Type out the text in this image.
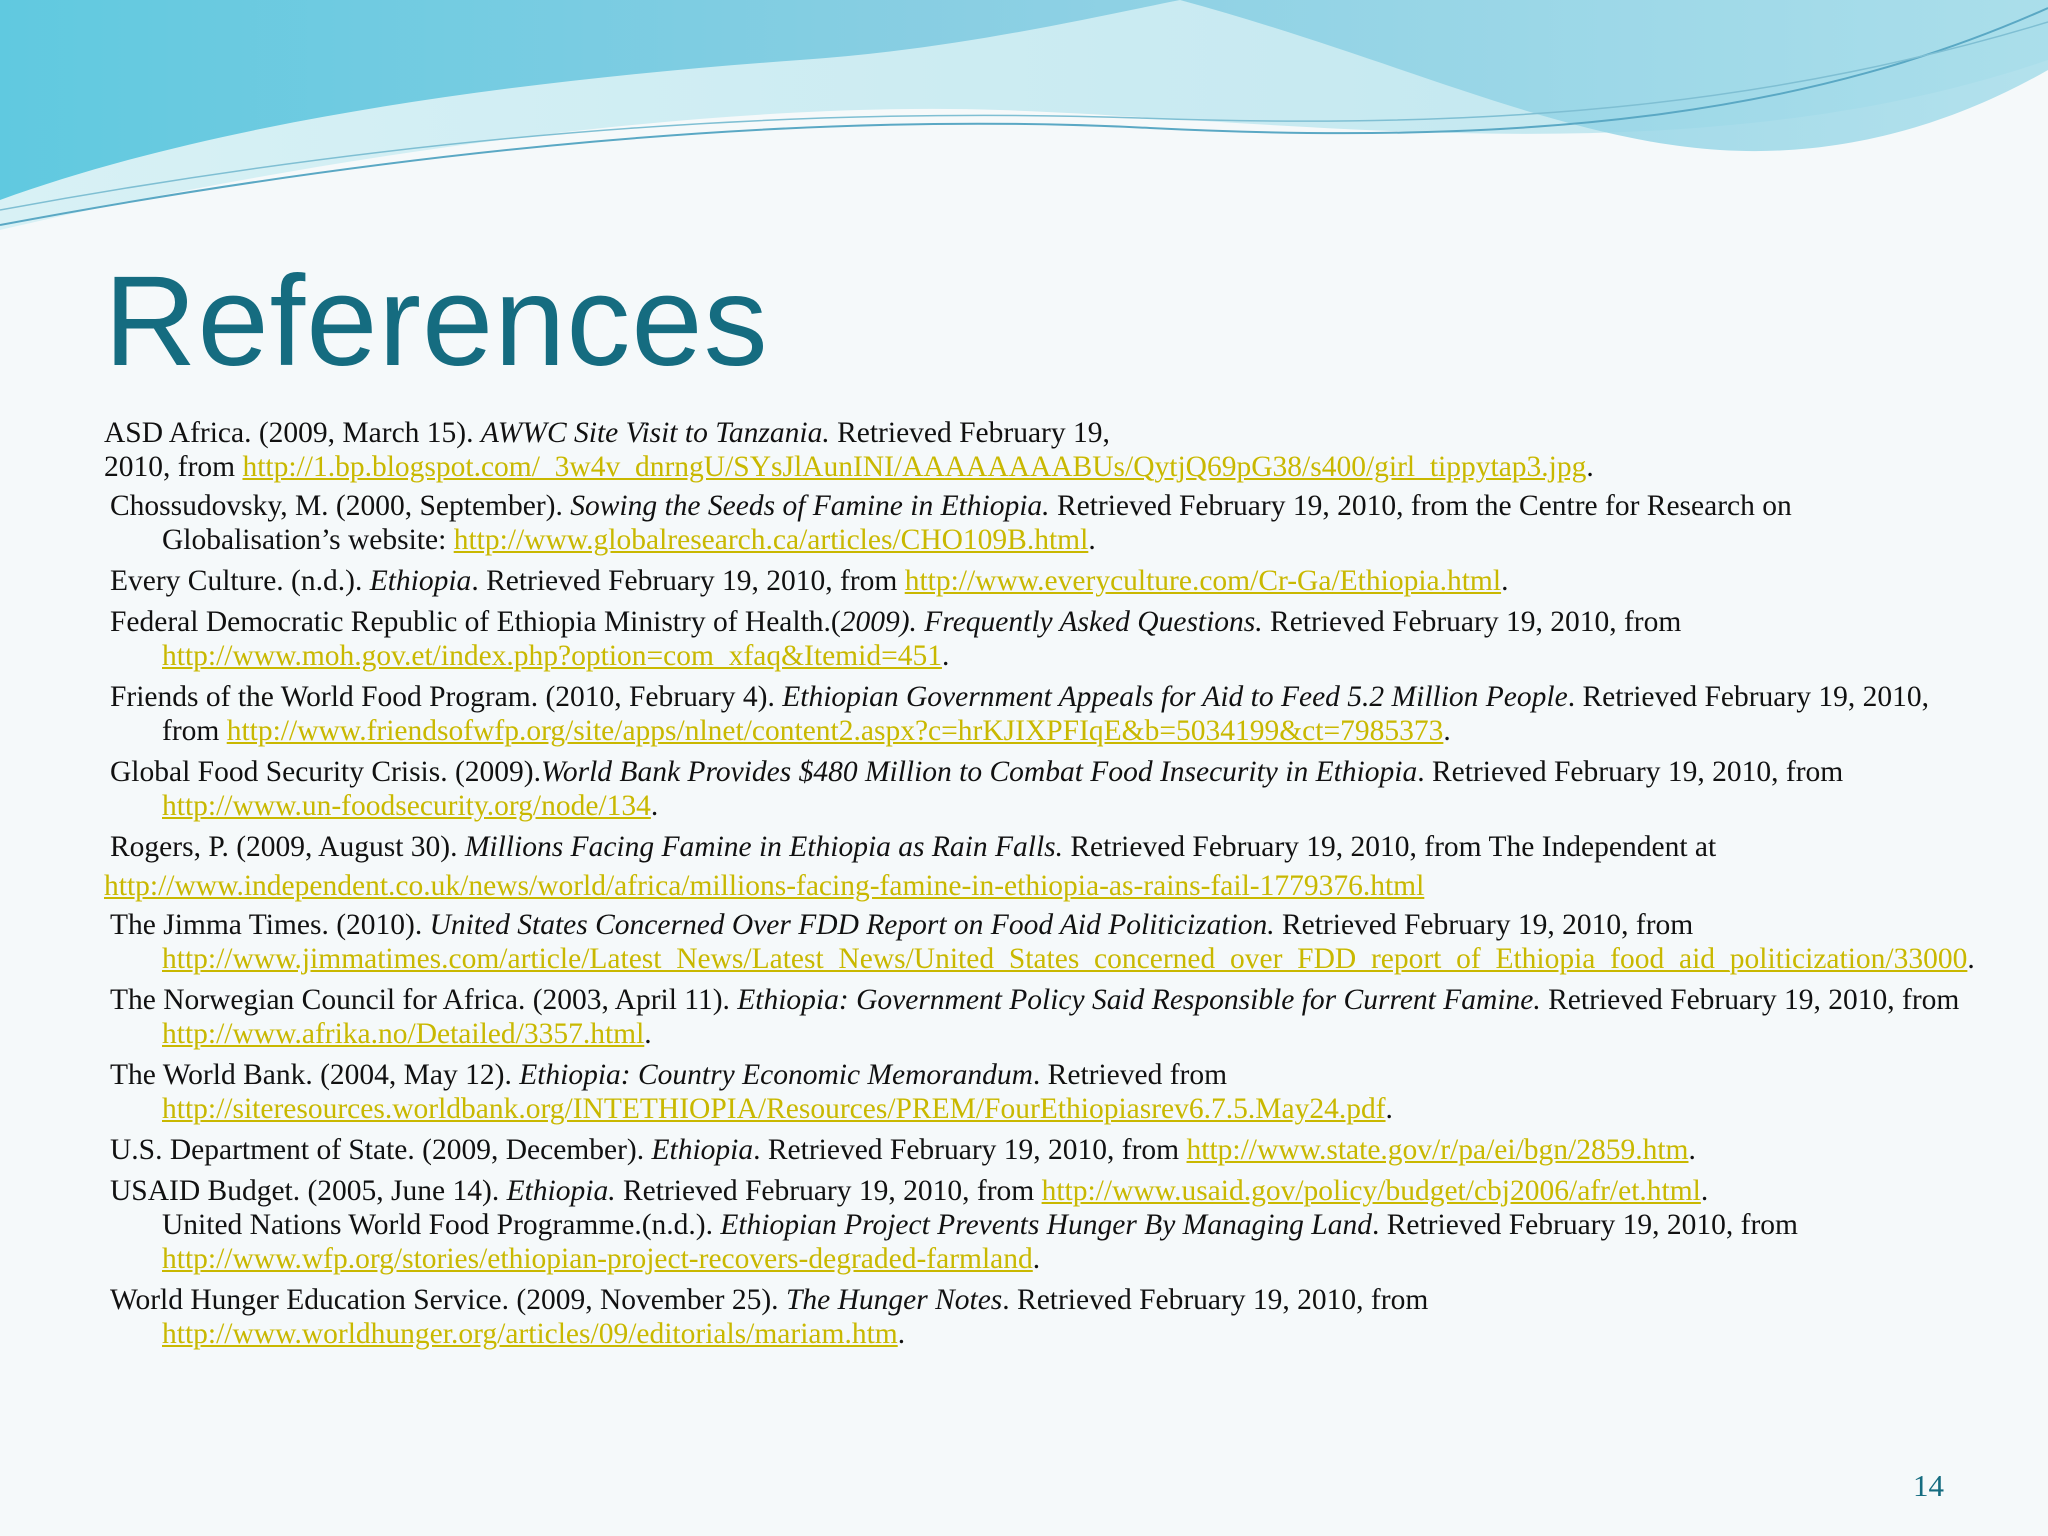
References
ASD Africa. (2009, March 15). AWWC Site Visit to Tanzania. Retrieved February 19,
2010, from http://1.bp.blogspot.com/_3w4v_dnrngU/SYsJlAunINI/AAAAAAAABUs/QytjQ69pG38/s400/girl_tippytap3.jpg.
Chossudovsky, M. (2000, September). Sowing the Seeds of Famine in Ethiopia. Retrieved February 19, 2010, from the Centre for Research on Globalisation’s website: http://www.globalresearch.ca/articles/CHO109B.html.
Every Culture. (n.d.). Ethiopia. Retrieved February 19, 2010, from http://www.everyculture.com/Cr-Ga/Ethiopia.html.
Federal Democratic Republic of Ethiopia Ministry of Health.(2009). Frequently Asked Questions. Retrieved February 19, 2010, from http://www.moh.gov.et/index.php?option=com_xfaq&Itemid=451.
Friends of the World Food Program. (2010, February 4). Ethiopian Government Appeals for Aid to Feed 5.2 Million People. Retrieved February 19, 2010, from http://www.friendsofwfp.org/site/apps/nlnet/content2.aspx?c=hrKJIXPFIqE&b=5034199&ct=7985373.
Global Food Security Crisis. (2009).World Bank Provides $480 Million to Combat Food Insecurity in Ethiopia. Retrieved February 19, 2010, from http://www.un-foodsecurity.org/node/134.
Rogers, P. (2009, August 30). Millions Facing Famine in Ethiopia as Rain Falls. Retrieved February 19, 2010, from The Independent at
http://www.independent.co.uk/news/world/africa/millions-facing-famine-in-ethiopia-as-rains-fail-1779376.html
The Jimma Times. (2010). United States Concerned Over FDD Report on Food Aid Politicization. Retrieved February 19, 2010, from http://www.jimmatimes.com/article/Latest_News/Latest_News/United_States_concerned_over_FDD_report_of_Ethiopia_food_aid_politicization/33000.
The Norwegian Council for Africa. (2003, April 11). Ethiopia: Government Policy Said Responsible for Current Famine. Retrieved February 19, 2010, from http://www.afrika.no/Detailed/3357.html.
The World Bank. (2004, May 12). Ethiopia: Country Economic Memorandum. Retrieved from http://siteresources.worldbank.org/INTETHIOPIA/Resources/PREM/FourEthiopiasrev6.7.5.May24.pdf.
U.S. Department of State. (2009, December). Ethiopia. Retrieved February 19, 2010, from http://www.state.gov/r/pa/ei/bgn/2859.htm.
USAID Budget. (2005, June 14). Ethiopia. Retrieved February 19, 2010, from http://www.usaid.gov/policy/budget/cbj2006/afr/et.html.
United Nations World Food Programme.(n.d.). Ethiopian Project Prevents Hunger By Managing Land. Retrieved February 19, 2010, from http://www.wfp.org/stories/ethiopian-project-recovers-degraded-farmland.
World Hunger Education Service. (2009, November 25). The Hunger Notes. Retrieved February 19, 2010, from http://www.worldhunger.org/articles/09/editorials/mariam.htm.
14
